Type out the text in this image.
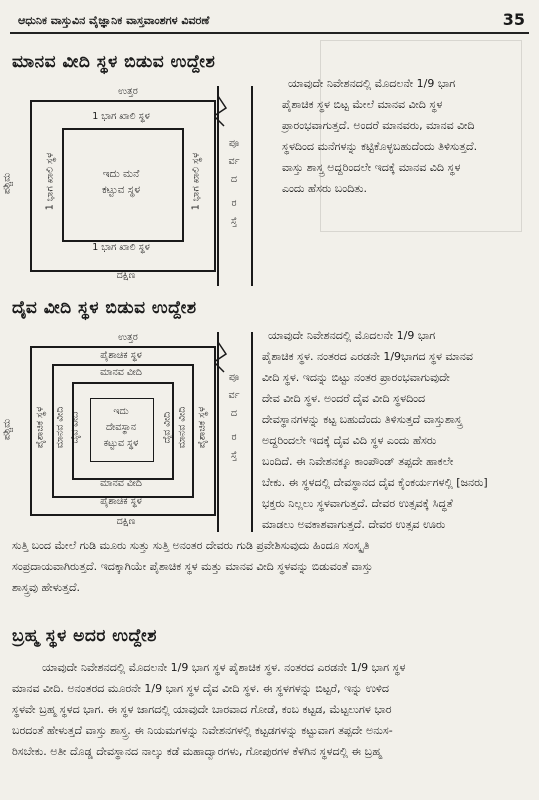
ಆಧುನಿಕ ವಾಸ್ತುವಿನ ವೈಜ್ಞಾನಿಕ ವಾಸ್ತವಾಂಶಗಳ ವಿವರಣೆ	35
ಮಾನವ ವೀದಿ ಸ್ಥಳ ಬಿಡುವ ಉದ್ದೇಶ
ಉತ್ತರ
1 ಭಾಗ ಖಾಲಿ ಸ್ಥಳ
1 ಭಾಗ ಖಾಲಿ ಸ್ಥಳ
1 ಭಾಗ ಖಾಲಿ ಸ್ಥಳ	1 ಭಾಗ ಖಾಲಿ ಸ್ಥಳ
ಇದು ಮನೆ
ಕಟ್ಟುವ ಸ್ಥಳ
ಪಶ್ಚಿಮ
ದಕ್ಷಿಣ
ಪೂ
ರ್ವ
ದ
ರ
ಸ್ತೆ
ಯಾವುದೇ ನಿವೇಶನದಲ್ಲಿ ಮೊದಲನೇ 1/9 ಭಾಗ
ಪೈಶಾಚಿಕ ಸ್ಥಳ ಬಿಟ್ಟ ಮೇಲೆ ಮಾನವ ವೀದಿ ಸ್ಥಳ
ಪ್ರಾರಂಭವಾಗುತ್ತದೆ. ಅಂದರೆ ಮಾನವರು, ಮಾನವ ವೀದಿ
ಸ್ಥಳದಿಂದ ಮನೆಗಳನ್ನು ಕಟ್ಟಿಕೊಳ್ಳಬಹುದೆಂದು ತಿಳಿಸುತ್ತದೆ.
ವಾಸ್ತು ಶಾಸ್ತ್ರ ಅದ್ದರಿಂದಲೇ ಇದಕ್ಕೆ ಮಾನವ ವಿದಿ ಸ್ಥಳ
ಎಂದು ಹೆಸರು ಬಂದಿತು.
ದೈವ ವೀದಿ ಸ್ಥಳ ಬಿಡುವ ಉದ್ದೇಶ
ಉತ್ತರ
ಪೈಶಾಚಿಕ ಸ್ಥಳ
ಪೈಶಾಚಿಕ ಸ್ಥಳ
ಮಾನವ ವೀದಿ
ಮಾನವ ವೀದಿ
ಪೈಶಾಚಿಕ ಸ್ಥಳ ಮಾನವ ವೀದಿ ದೈವ ವೀದಿ	ದೈವ ವೀದಿ ಮಾನವ ವೀದಿ ಪೈಶಾಚಿಕ ಸ್ಥಳ
ಇದು
ದೇವಸ್ಥಾನ
ಕಟ್ಟುವ ಸ್ಥಳ
ಪಶ್ಚಿಮ
ದಕ್ಷಿಣ
ಪೂ
ರ್ವ
ದ
ರ
ಸ್ತೆ
ಯಾವುದೇ ನಿವೇಶನದಲ್ಲಿ ಮೊದಲನೇ 1/9 ಭಾಗ
ಪೈಶಾಚಿಕ ಸ್ಥಳ. ನಂತರದ ಎರಡನೇ 1/9ಭಾಗದ ಸ್ಥಳ ಮಾನವ
ವೀದಿ ಸ್ಥಳ. ಇದನ್ನು ಬಿಟ್ಟು ನಂತರ ಪ್ರಾರಂಭವಾಗುವುದೇ
ದೇವ ವೀದಿ ಸ್ಥಳ. ಅಂದರೆ ದೈವ ವೀದಿ ಸ್ಥಳದಿಂದ
ದೇವಸ್ಥಾನಗಳನ್ನು ಕಟ್ಟ ಬಹುದೆಂದು ತಿಳಿಸುತ್ತದೆ ವಾಸ್ತುಶಾಸ್ತ್ರ
ಅದ್ದರಿಂದಲೇ ಇದಕ್ಕೆ ದೈವ ವಿದಿ ಸ್ಥಳ ಎಂದು ಹೆಸರು
ಬಂದಿದೆ. ಈ ನಿವೇಶನಕ್ಕೂ ಕಾಂಪೌಂಡ್ ತಪ್ಪದೇ ಹಾಕಲೇ
ಬೇಕು. ಈ ಸ್ಥಳದಲ್ಲಿ ದೇವಸ್ಥಾನದ ದೈವ ಕೈಂಕರ್ಯಗಳಲ್ಲಿ [ಜನರು]
ಭಕ್ತರು ನಿಲ್ಲಲು ಸ್ಥಳವಾಗುತ್ತದೆ. ದೇವರ ಉತ್ಸವಕ್ಕೆ ಸಿದ್ಧತೆ
ಮಾಡಲು ಅವಕಾಶವಾಗುತ್ತದೆ. ದೇವರ ಉತ್ಸವ ಊರು
ಸುತ್ತಿ ಬಂದ ಮೇಲೆ ಗುಡಿ ಮೂರು ಸುತ್ತು ಸುತ್ತಿ ಅನಂತರ ದೇವರು ಗುಡಿ ಪ್ರವೇಶಿಸುವುದು ಹಿಂದೂ ಸಂಸ್ಕೃತಿ
ಸಂಪ್ರದಾಯವಾಗಿರುತ್ತದೆ. ಇದಕ್ಕಾಗಿಯೇ ಪೈಶಾಚಿಕ ಸ್ಥಳ ಮತ್ತು ಮಾನವ ವೀದಿ ಸ್ಥಳವನ್ನು ಬಿಡುವಂತೆ ವಾಸ್ತು
ಶಾಸ್ತ್ರವು ಹೇಳುತ್ತದೆ.
ಬ್ರಹ್ಮ ಸ್ಥಳ ಅದರ ಉದ್ದೇಶ
ಯಾವುದೇ ನಿವೇಶನದಲ್ಲಿ ಮೊದಲನೇ 1/9 ಭಾಗ ಸ್ಥಳ ಪೈಶಾಚಿಕ ಸ್ಥಳ. ನಂತರದ ಎರಡನೇ 1/9 ಭಾಗ ಸ್ಥಳ
ಮಾನವ ವೀದಿ. ಅನಂತರದ ಮೂರನೇ 1/9 ಭಾಗ ಸ್ಥಳ ದೈವ ವೀದಿ ಸ್ಥಳ. ಈ ಸ್ಥಳಗಳನ್ನು ಬಿಟ್ಟರೆ, ಇನ್ನು ಉಳಿದ
ಸ್ಥಳವೇ ಬ್ರಹ್ಮ ಸ್ಥಳದ ಭಾಗ. ಈ ಸ್ಥಳ ಜಾಗದಲ್ಲಿ ಯಾವುದೇ ಬಾರವಾದ ಗೋಡೆ, ಕಂಬ ಕಟ್ಟಡ, ಮೆಟ್ಟಲುಗಳ ಭಾರ
ಬರದಂತೆ ಹೇಳುತ್ತದೆ ವಾಸ್ತು ಶಾಸ್ತ್ರ. ಈ ನಿಯಮಗಳನ್ನು ನಿವೇಶನಗಳಲ್ಲಿ ಕಟ್ಟಡಗಳನ್ನು ಕಟ್ಟುವಾಗ ತಪ್ಪದೇ ಅನುಸ-
ರಿಸಬೇಕು. ಅತೀ ದೊಡ್ಡ ದೇವಸ್ಥಾನದ ನಾಲ್ಕು ಕಡೆ ಮಹಾದ್ವಾರಗಳು, ಗೋಪುರಗಳ ಕೆಳಗಿನ ಸ್ಥಳದಲ್ಲಿ ಈ ಬ್ರಹ್ಮ
